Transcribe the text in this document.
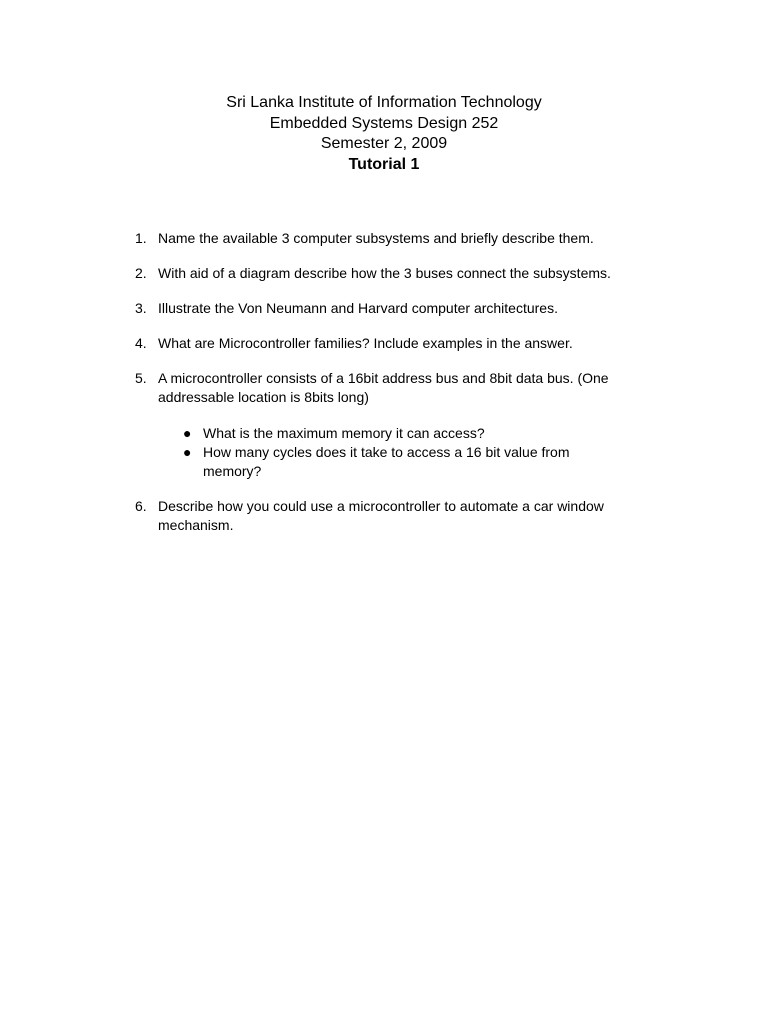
Sri Lanka Institute of Information Technology
Embedded Systems Design 252
Semester 2, 2009
Tutorial 1
1. Name the available 3 computer subsystems and briefly describe them.
2. With aid of a diagram describe how the 3 buses connect the subsystems.
3. Illustrate the Von Neumann and Harvard computer architectures.
4. What are Microcontroller families? Include examples in the answer.
5. A microcontroller consists of a 16bit address bus and 8bit data bus. (One addressable location is 8bits long)
● What is the maximum memory it can access?
● How many cycles does it take to access a 16 bit value from memory?
6. Describe how you could use a microcontroller to automate a car window mechanism.
